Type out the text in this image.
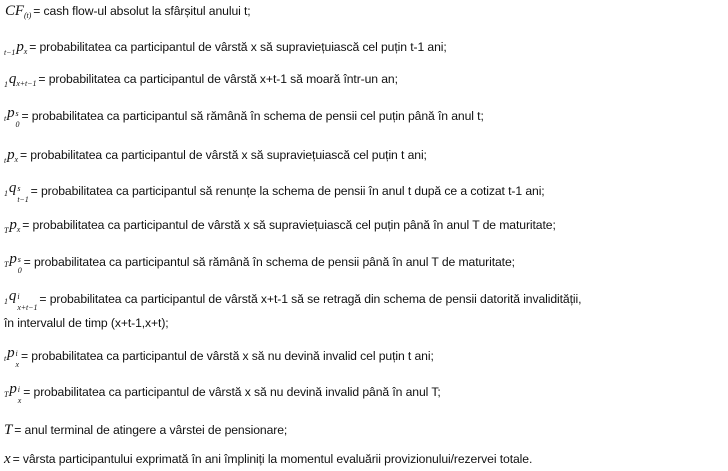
CF (t) = cash flow-ul absolut la sfârșitul anului t;
t−1 p x = probabilitatea ca participantul de vârstă x să supraviețuiască cel puțin t-1 ani;
1 q x+t−1 = probabilitatea ca participantul de vârstă x+t-1 să moară într-un an;
t p s
0
= probabilitatea ca participantul să rămână în schema de pensii cel puțin până în anul t;
t p x = probabilitatea ca participantul de vârstă x să supraviețuiască cel puțin t ani;
1 q s
t−1
= probabilitatea ca participantul să renunțe la schema de pensii în anul t după ce a cotizat t-1 ani;
T p x = probabilitatea ca participantul de vârstă x să supraviețuiască cel puțin până în anul T de maturitate;
T p s
0
= probabilitatea ca participantul să rămână în schema de pensii până în anul T de maturitate;
1 q i
x+t−1
= probabilitatea ca participantul de vârstă x+t-1 să se retragă din schema de pensii datorită invalidității,
în intervalul de timp (x+t-1,x+t);
t p i
x
= probabilitatea ca participantul de vârstă x să nu devină invalid cel puțin t ani;
T p i
x
= probabilitatea ca participantul de vârstă x să nu devină invalid până în anul T;
T = anul terminal de atingere a vârstei de pensionare;
x = vârsta participantului exprimată în ani împliniți la momentul evaluării provizionului/rezervei totale.
